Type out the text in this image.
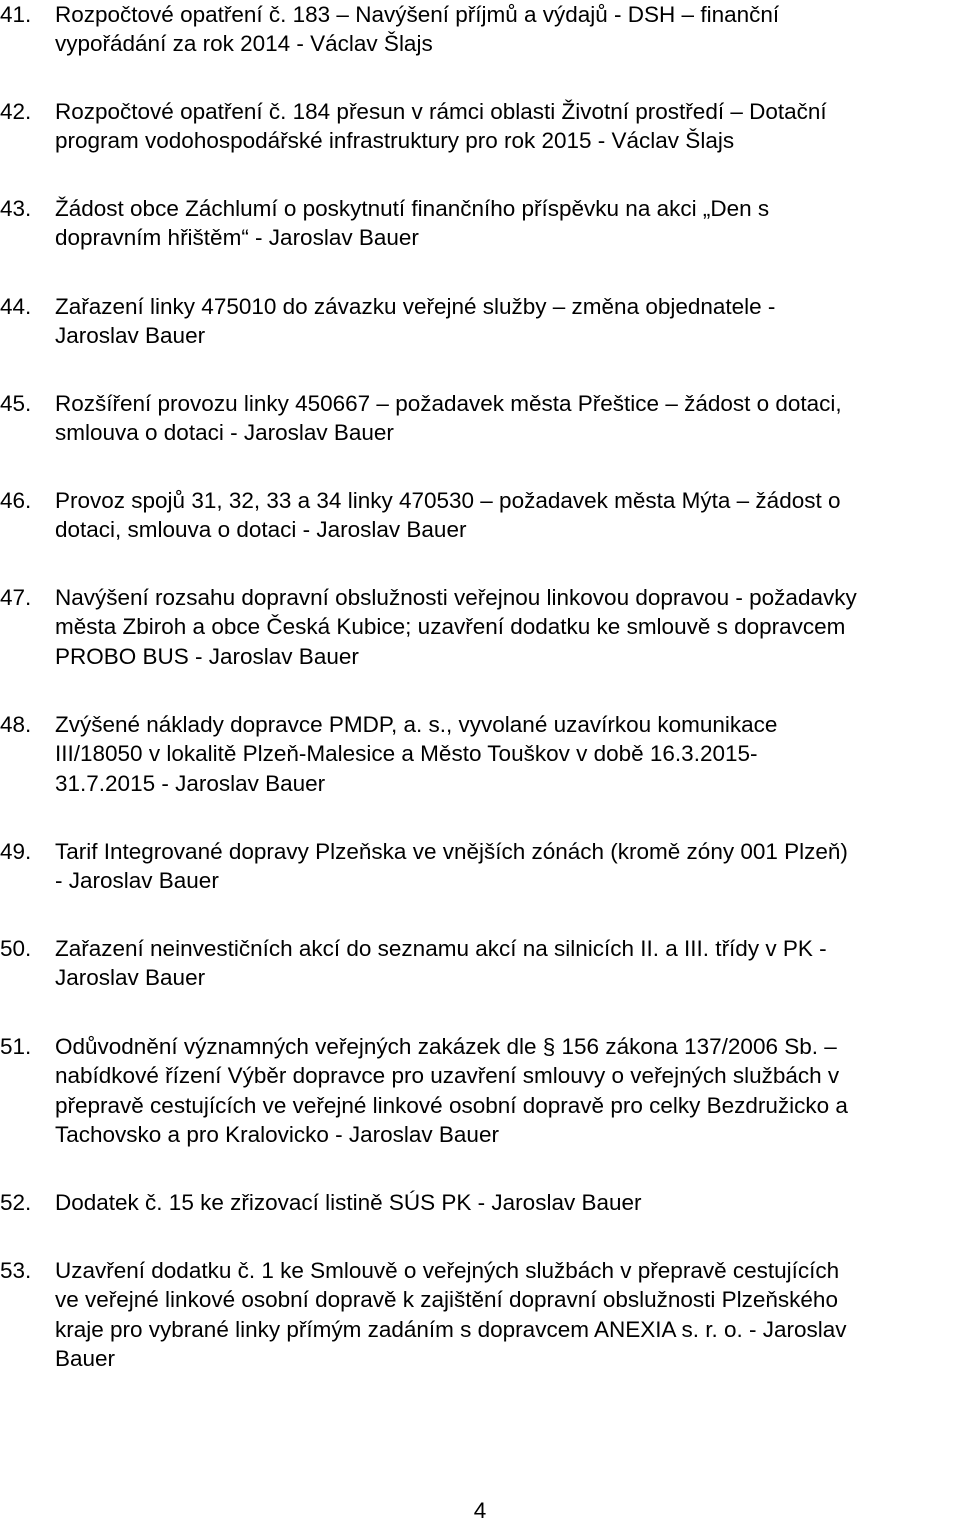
41.	Rozpočtové opatření č. 183 – Navýšení příjmů a výdajů - DSH – finanční
vypořádání za rok 2014 - Václav Šlajs
42.	Rozpočtové opatření č. 184 přesun v rámci oblasti Životní prostředí – Dotační
program vodohospodářské infrastruktury pro rok 2015 - Václav Šlajs
43.	Žádost obce Záchlumí o poskytnutí finančního příspěvku na akci „Den s
dopravním hřištěm“ - Jaroslav Bauer
44.	Zařazení linky 475010 do závazku veřejné služby – změna objednatele -
Jaroslav Bauer
45.	Rozšíření provozu linky 450667 – požadavek města Přeštice – žádost o dotaci,
smlouva o dotaci - Jaroslav Bauer
46.	Provoz spojů 31, 32, 33 a 34 linky 470530 – požadavek města Mýta – žádost o
dotaci, smlouva o dotaci - Jaroslav Bauer
47.	Navýšení rozsahu dopravní obslužnosti veřejnou linkovou dopravou - požadavky
města Zbiroh a obce Česká Kubice; uzavření dodatku ke smlouvě s dopravcem
PROBO BUS - Jaroslav Bauer
48.	Zvýšené náklady dopravce PMDP, a. s., vyvolané uzavírkou komunikace
III/18050 v lokalitě Plzeň-Malesice a Město Touškov v době 16.3.2015-
31.7.2015 - Jaroslav Bauer
49.	Tarif Integrované dopravy Plzeňska ve vnějších zónách (kromě zóny 001 Plzeň)
- Jaroslav Bauer
50.	Zařazení neinvestičních akcí do seznamu akcí na silnicích II. a III. třídy v PK -
Jaroslav Bauer
51.	Odůvodnění významných veřejných zakázek dle § 156 zákona 137/2006 Sb. –
nabídkové řízení Výběr dopravce pro uzavření smlouvy o veřejných službách v
přepravě cestujících ve veřejné linkové osobní dopravě pro celky Bezdružicko a
Tachovsko a pro Kralovicko - Jaroslav Bauer
52.	Dodatek č. 15 ke zřizovací listině SÚS PK - Jaroslav Bauer
53.	Uzavření dodatku č. 1 ke Smlouvě o veřejných službách v přepravě cestujících
ve veřejné linkové osobní dopravě k zajištění dopravní obslužnosti Plzeňského
kraje pro vybrané linky přímým zadáním s dopravcem ANEXIA s. r. o. - Jaroslav
Bauer
4
